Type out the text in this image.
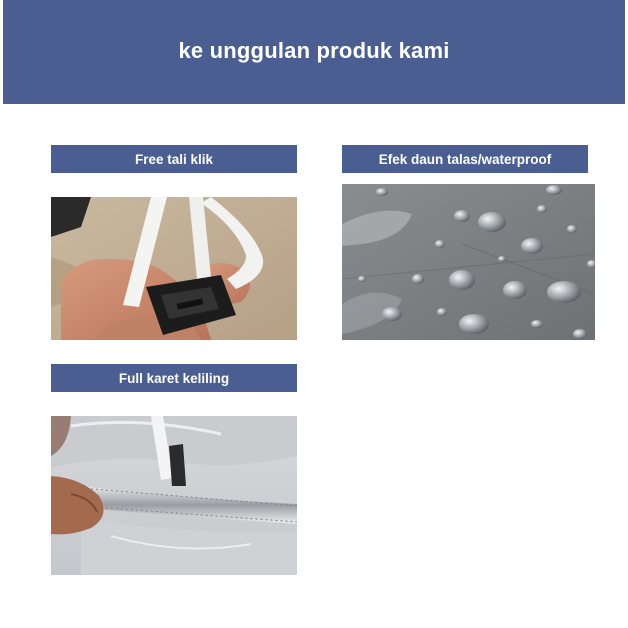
ke unggulan produk kami
Free tali klik	Efek daun talas/waterproof
Full karet keliling
